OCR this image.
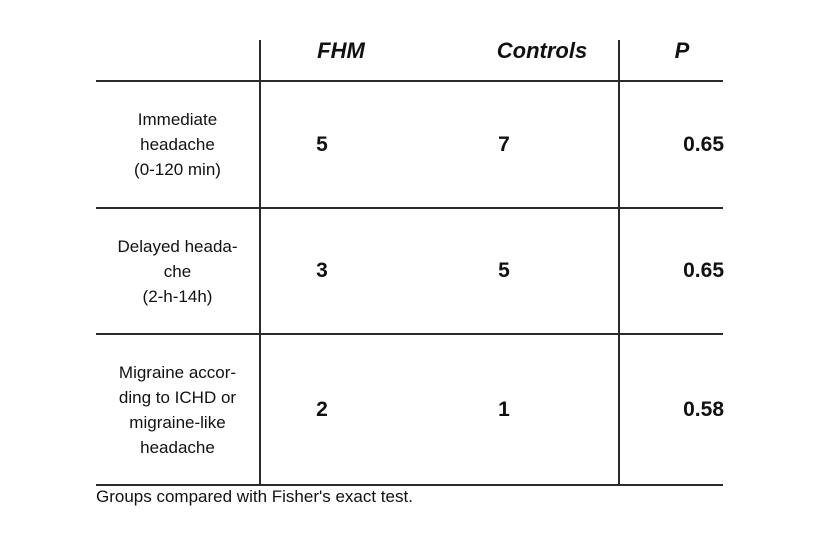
FHM	Controls	P
Immediate
headache
(0-120 min)
5	7	0.65
Delayed heada-
che
(2-h-14h)
3	5	0.65
Migraine accor-
ding to ICHD or
migraine-like
headache
2	1	0.58
Groups compared with Fisher's exact test.
